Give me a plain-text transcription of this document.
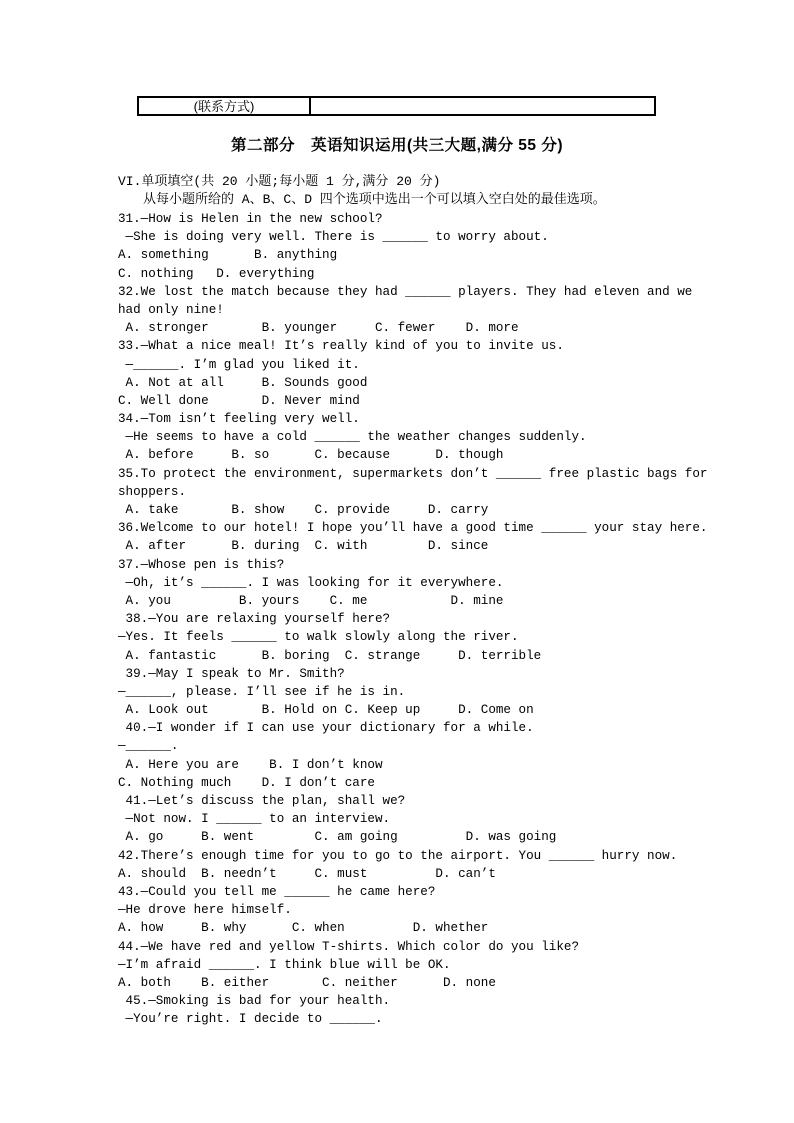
(联系方式)
第二部分　英语知识运用(共三大题,满分 55 分)
VI.单项填空(共 20 小题;每小题 1 分,满分 20 分)
从每小题所给的 A、B、C、D 四个选项中选出一个可以填入空白处的最佳选项。
31.—How is Helen in the new school?
—She is doing very well. There is ______ to worry about.
A. something      B. anything
C. nothing   D. everything
32.We lost the match because they had ______ players. They had eleven and we
had only nine!
A. stronger       B. younger     C. fewer    D. more
33.—What a nice meal! It’s really kind of you to invite us.
—______. I’m glad you liked it.
A. Not at all     B. Sounds good
C. Well done       D. Never mind
34.—Tom isn’t feeling very well.
—He seems to have a cold ______ the weather changes suddenly.
A. before     B. so      C. because      D. though
35.To protect the environment, supermarkets don’t ______ free plastic bags for
shoppers.
A. take       B. show    C. provide     D. carry
36.Welcome to our hotel! I hope you’ll have a good time ______ your stay here.
A. after      B. during  C. with        D. since
37.—Whose pen is this?
—Oh, it’s ______. I was looking for it everywhere.
A. you         B. yours    C. me           D. mine
38.—You are relaxing yourself here?
—Yes. It feels ______ to walk slowly along the river.
A. fantastic      B. boring  C. strange     D. terrible
39.—May I speak to Mr. Smith?
—______, please. I’ll see if he is in.
A. Look out       B. Hold on C. Keep up     D. Come on
40.—I wonder if I can use your dictionary for a while.
—______.
A. Here you are    B. I don’t know
C. Nothing much    D. I don’t care
41.—Let’s discuss the plan, shall we?
—Not now. I ______ to an interview.
A. go     B. went        C. am going         D. was going
42.There’s enough time for you to go to the airport. You ______ hurry now.
A. should  B. needn’t     C. must         D. can’t
43.—Could you tell me ______ he came here?
—He drove here himself.
A. how     B. why      C. when         D. whether
44.—We have red and yellow T-shirts. Which color do you like?
—I’m afraid ______. I think blue will be OK.
A. both    B. either       C. neither      D. none
45.—Smoking is bad for your health.
—You’re right. I decide to ______.
